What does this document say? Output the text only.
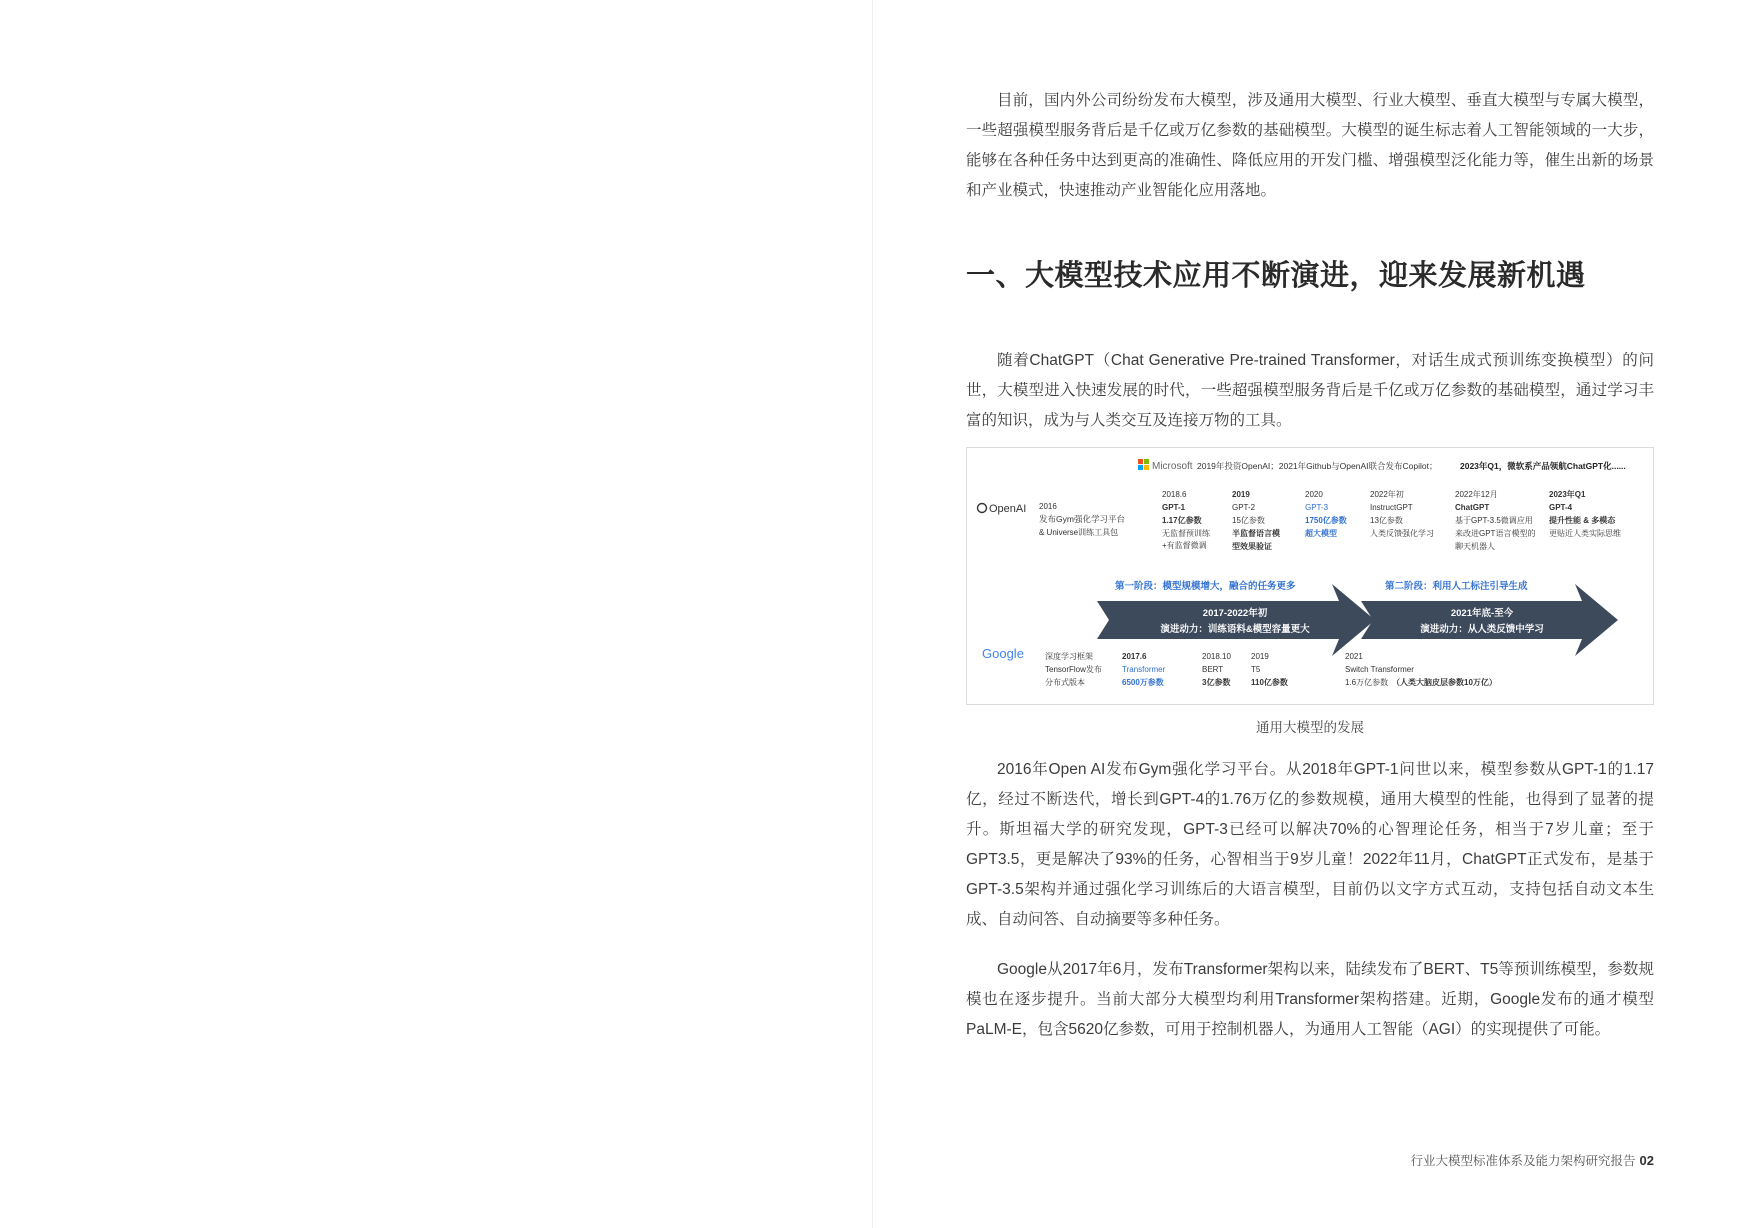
目前，国内外公司纷纷发布大模型，涉及通用大模型、行业大模型、垂直大模型与专属大模型，一些超强模型服务背后是千亿或万亿参数的基础模型。大模型的诞生标志着人工智能领域的一大步，能够在各种任务中达到更高的准确性、降低应用的开发门槛、增强模型泛化能力等，催生出新的场景和产业模式，快速推动产业智能化应用落地。

一、大模型技术应用不断演进，迎来发展新机遇

随着ChatGPT（Chat Generative Pre-trained Transformer，对话生成式预训练变换模型）的问世，大模型进入快速发展的时代，一些超强模型服务背后是千亿或万亿参数的基础模型，通过学习丰富的知识，成为与人类交互及连接万物的工具。

Microsoft 2019年投资OpenAI；2021年Github与OpenAI联合发布Copilot；	2023年Q1，微软系产品领航ChatGPT化......
OpenAI 2016
发布Gym强化学习平台
& Universe训练工具包
2018.6
GPT-1
1.17亿参数
无监督预训练
+有监督微调
2019
GPT-2
15亿参数
半监督语言模
型效果验证
2020
GPT-3
1750亿参数
超大模型
2022年初
InstructGPT
13亿参数
人类反馈强化学习
2022年12月
ChatGPT
基于GPT-3.5微调应用
来改进GPT语言模型的
聊天机器人
2023年Q1
GPT-4
提升性能 & 多模态
更贴近人类实际思维
第一阶段：模型规模增大，融合的任务更多	第二阶段：利用人工标注引导生成
2017-2022年初
演进动力：训练语料&模型容量更大
2021年底-至今
演进动力：从人类反馈中学习
Google	深度学习框架
TensorFlow发布
分布式版本
2017.6
Transformer
6500万参数
2018.10
BERT
3亿参数
2019
T5
110亿参数
2021
Switch Transformer
1.6万亿参数 （人类大脑皮层参数10万亿）
通用大模型的发展

2016年Open AI发布Gym强化学习平台。从2018年GPT-1问世以来，模型参数从GPT-1的1.17亿，经过不断迭代，增长到GPT-4的1.76万亿的参数规模，通用大模型的性能，也得到了显著的提升。斯坦福大学的研究发现，GPT-3已经可以解决70%的心智理论任务，相当于7岁儿童；至于GPT3.5，更是解决了93%的任务，心智相当于9岁儿童！2022年11月，ChatGPT正式发布，是基于GPT-3.5架构并通过强化学习训练后的大语言模型，目前仍以文字方式互动，支持包括自动文本生成、自动问答、自动摘要等多种任务。

Google从2017年6月，发布Transformer架构以来，陆续发布了BERT、T5等预训练模型，参数规模也在逐步提升。当前大部分大模型均利用Transformer架构搭建。近期，Google发布的通才模型PaLM-E，包含5620亿参数，可用于控制机器人，为通用人工智能（AGI）的实现提供了可能。

行业大模型标准体系及能力架构研究报告 02
